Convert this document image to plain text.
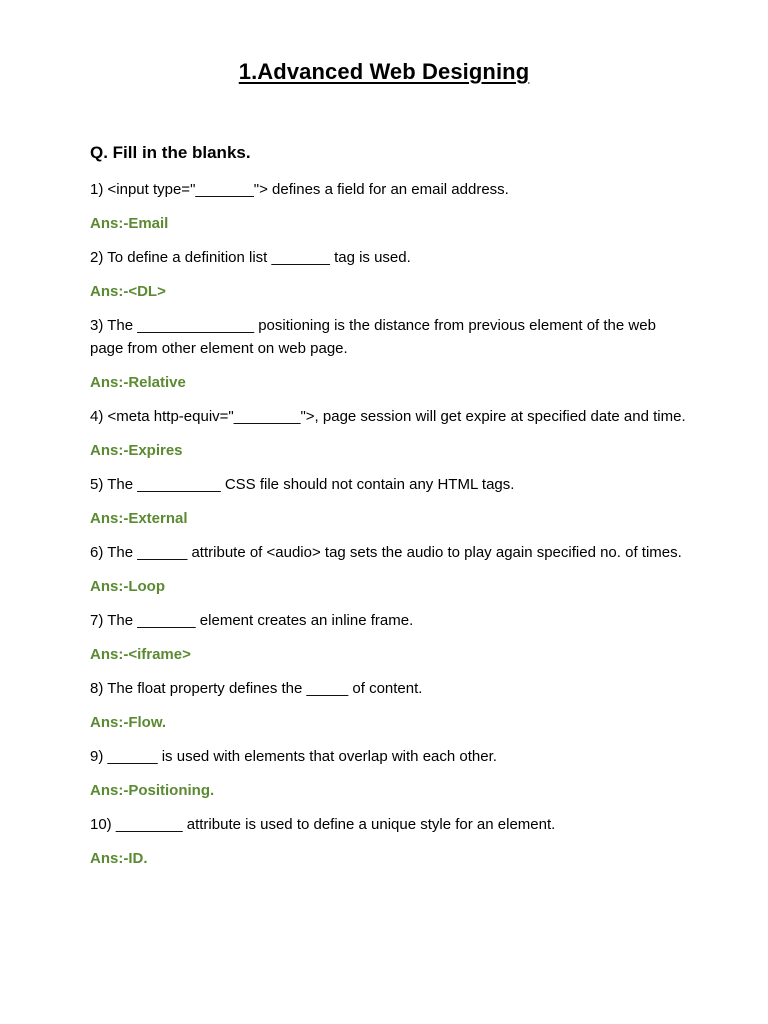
1.Advanced Web Designing
Q. Fill in the blanks.

1) <input type="_______"> defines a field for an email address.

Ans:-Email

2) To define a definition list _______ tag is used.

Ans:-<DL>

3) The ______________ positioning is the distance from previous element of the web page from other element on web page.

Ans:-Relative

4) <meta http-equiv="________">, page session will get expire at specified date and time.

Ans:-Expires

5) The __________ CSS file should not contain any HTML tags.

Ans:-External

6) The ______ attribute of <audio> tag sets the audio to play again specified no. of times.

Ans:-Loop

7) The _______ element creates an inline frame.

Ans:-<iframe>

8) The float property defines the _____ of content.

Ans:-Flow.

9) ______ is used with elements that overlap with each other.

Ans:-Positioning.

10) ________ attribute is used to define a unique style for an element.

Ans:-ID.
